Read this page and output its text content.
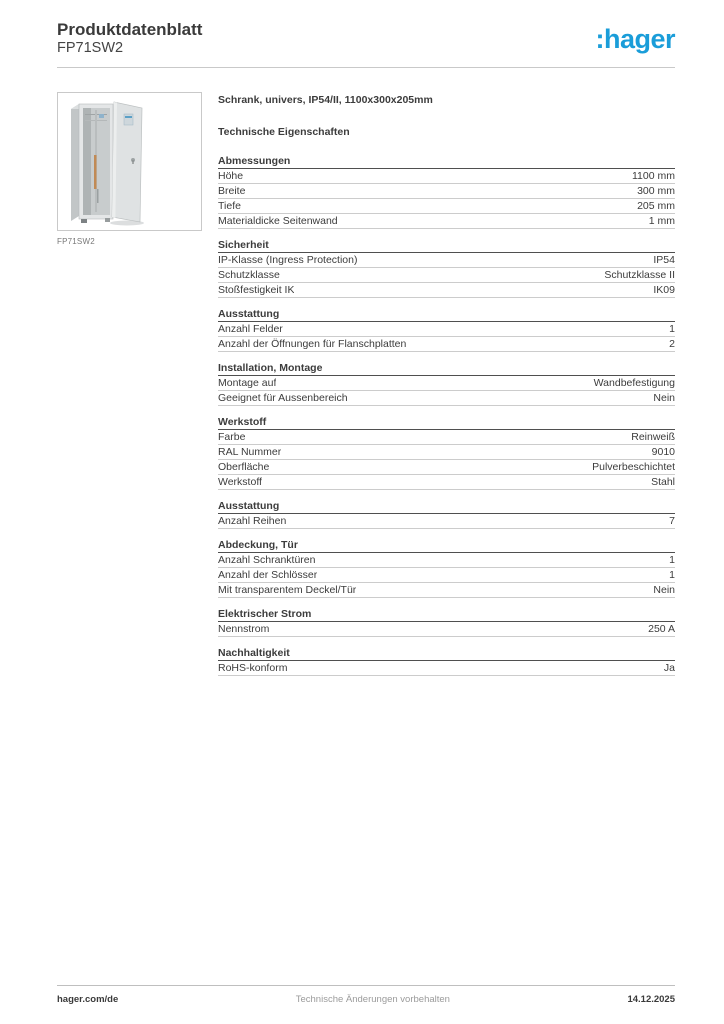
Produktdatenblatt
FP71SW2	:hager
FP71SW2
Schrank, univers, IP54/II, 1100x300x205mm
Technische Eigenschaften
Abmessungen
Höhe	1100 mm
Breite	300 mm
Tiefe	205 mm
Materialdicke Seitenwand	1 mm
Sicherheit
IP-Klasse (Ingress Protection)	IP54
Schutzklasse	Schutzklasse II
Stoßfestigkeit IK	IK09
Ausstattung
Anzahl Felder	1
Anzahl der Öffnungen für Flanschplatten	2
Installation, Montage
Montage auf	Wandbefestigung
Geeignet für Aussenbereich	Nein
Werkstoff
Farbe	Reinweiß
RAL Nummer	9010
Oberfläche	Pulverbeschichtet
Werkstoff	Stahl
Ausstattung
Anzahl Reihen	7
Abdeckung, Tür
Anzahl Schranktüren	1
Anzahl der Schlösser	1
Mit transparentem Deckel/Tür	Nein
Elektrischer Strom
Nennstrom	250 A
Nachhaltigkeit
RoHS-konform	Ja
hager.com/de	Technische Änderungen vorbehalten	14.12.2025
